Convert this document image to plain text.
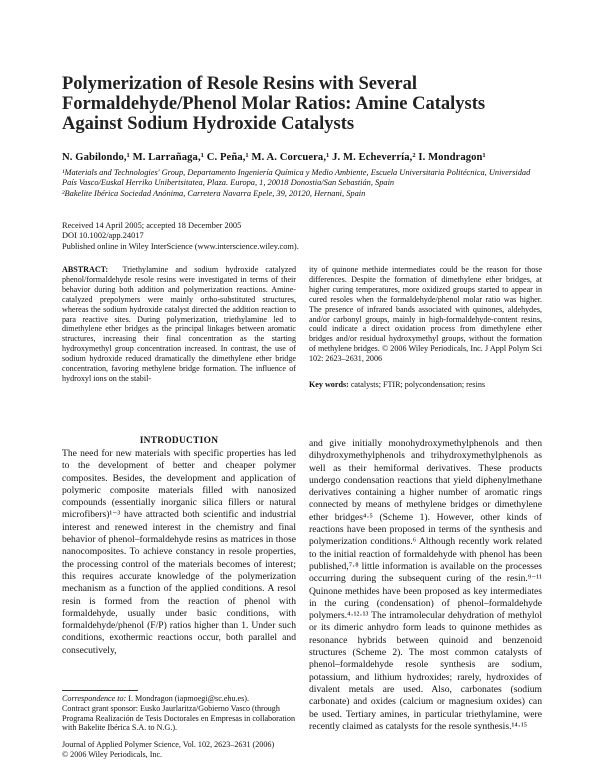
Polymerization of Resole Resins with Several Formaldehyde/Phenol Molar Ratios: Amine Catalysts Against Sodium Hydroxide Catalysts
N. Gabilondo,¹ M. Larrañaga,¹ C. Peña,¹ M. A. Corcuera,¹ J. M. Echeverría,² I. Mondragon¹
¹Materials and Technologies' Group, Departamento Ingeniería Química y Medio Ambiente, Escuela Universitaria Politécnica, Universidad País Vasco/Euskal Herriko Unibertsitatea, Plaza. Europa, 1, 20018 Donostia/San Sebastián, Spain
²Bakelite Ibérica Sociedad Anónima, Carretera Navarra Epele, 39, 20120, Hernani, Spain
Received 14 April 2005; accepted 18 December 2005
DOI 10.1002/app.24017
Published online in Wiley InterScience (www.interscience.wiley.com).
ABSTRACT: Triethylamine and sodium hydroxide catalyzed phenol/formaldehyde resole resins were investigated in terms of their behavior during both addition and polymerization reactions. Amine-catalyzed prepolymers were mainly ortho-substituted structures, whereas the sodium hydroxide catalyst directed the addition reaction to para reactive sites. During polymerization, triethylamine led to dimethylene ether bridges as the principal linkages between aromatic structures, increasing their final concentration as the starting hydroxymethyl group concentration increased. In contrast, the use of sodium hydroxide reduced dramatically the dimethylene ether bridge concentration, favoring methylene bridge formation. The influence of hydroxyl ions on the stabil-
ity of quinone methide intermediates could be the reason for those differences. Despite the formation of dimethylene ether bridges, at higher curing temperatures, more oxidized groups started to appear in cured resoles when the formaldehyde/phenol molar ratio was higher. The presence of infrared bands associated with quinones, aldehydes, and/or carbonyl groups, mainly in high-formaldehyde-content resins, could indicate a direct oxidation process from dimethylene ether bridges and/or residual hydroxymethyl groups, without the formation of methylene bridges. © 2006 Wiley Periodicals, Inc. J Appl Polym Sci 102: 2623–2631, 2006
Key words: catalysts; FTIR; polycondensation; resins
INTRODUCTION

The need for new materials with specific properties has led to the development of better and cheaper polymer composites. Besides, the development and application of polymeric composite materials filled with nanosized compounds (essentially inorganic silica fillers or natural microfibers)¹⁻³ have attracted both scientific and industrial interest and renewed interest in the chemistry and final behavior of phenol–formaldehyde resins as matrices in those nanocomposites. To achieve constancy in resole properties, the processing control of the materials becomes of interest; this requires accurate knowledge of the polymerization mechanism as a function of the applied conditions. A resol resin is formed from the reaction of phenol with formaldehyde, usually under basic conditions, with formaldehyde/phenol (F/P) ratios higher than 1. Under such conditions, exothermic reactions occur, both parallel and consecutively,

and give initially monohydroxymethylphenols and then dihydroxymethylphenols and trihydroxymethylphenols as well as their hemiformal derivatives. These products undergo condensation reactions that yield diphenylmethane derivatives containing a higher number of aromatic rings connected by means of methylene bridges or dimethylene ether bridges⁴·⁵ (Scheme 1). However, other kinds of reactions have been proposed in terms of the synthesis and polymerization conditions.⁶ Although recently work related to the initial reaction of formaldehyde with phenol has been published,⁷·⁸ little information is available on the processes occurring during the subsequent curing of the resin.⁹⁻¹¹ Quinone methides have been proposed as key intermediates in the curing (condensation) of phenol–formaldehyde polymers.⁴·¹²·¹³ The intramolecular dehydration of methylol or its dimeric anhydro form leads to quinone methides as resonance hybrids between quinoid and benzenoid structures (Scheme 2). The most common catalysts of phenol–formaldehyde resole synthesis are sodium, potassium, and lithium hydroxides; rarely, hydroxides of divalent metals are used. Also, carbonates (sodium carbonate) and oxides (calcium or magnesium oxides) can be used. Tertiary amines, in particular triethylamine, were recently claimed as catalysts for the resole synthesis.¹⁴·¹⁵

Correspondence to: I. Mondragon (iapmoegi@sc.ehu.es).
Contract grant sponsor: Eusko Jaurlaritza/Gobierno Vasco (through Programa Realización de Tesis Doctorales en Empresas in collaboration with Bakelite Ibérica S.A. to N.G.).
Journal of Applied Polymer Science, Vol. 102, 2623–2631 (2006)
© 2006 Wiley Periodicals, Inc.
